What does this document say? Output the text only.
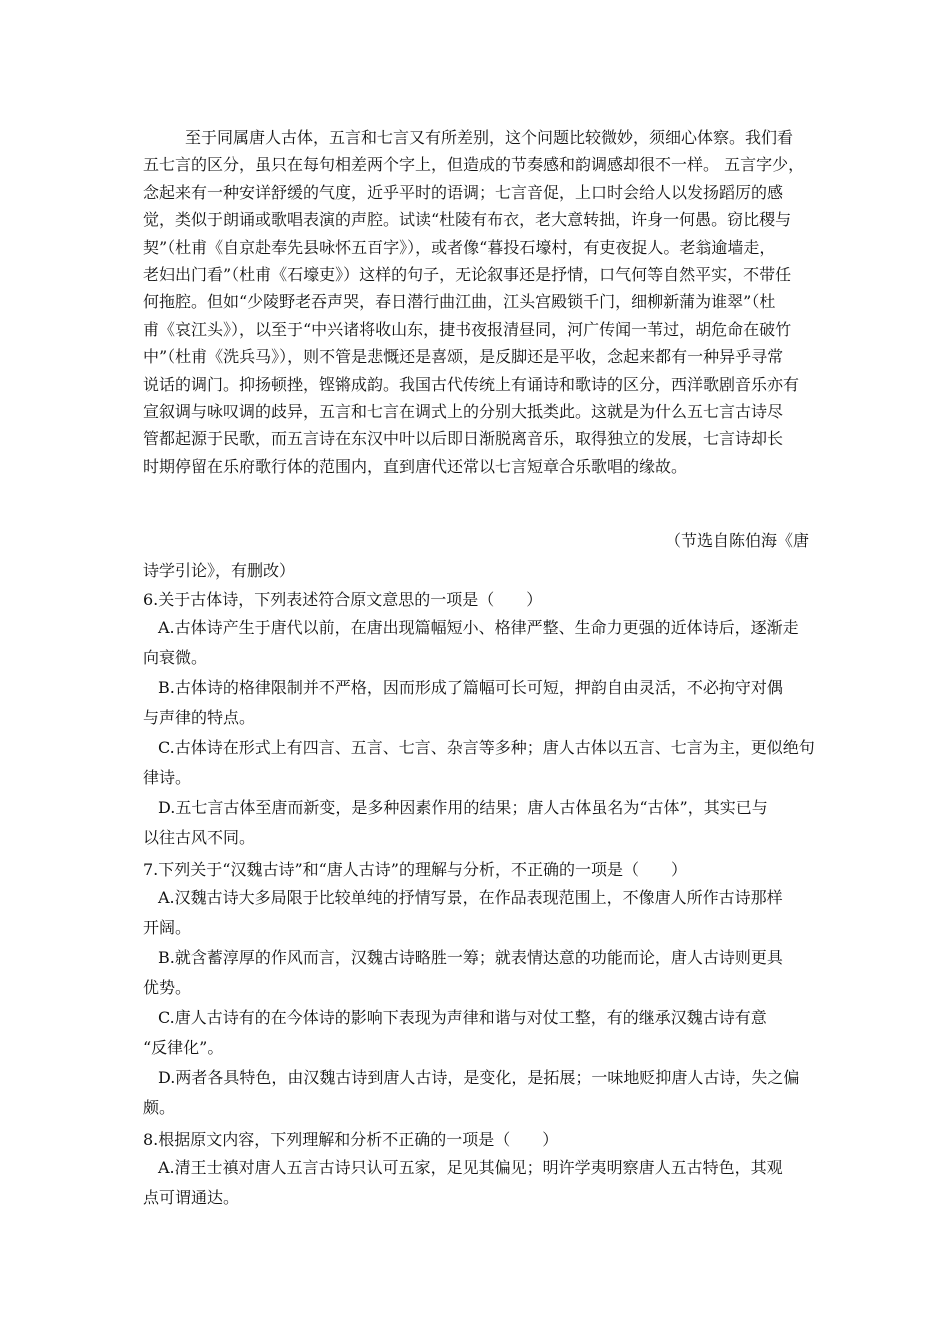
至于同属唐人古体，五言和七言又有所差别，这个问题比较微妙，须细心体察。我们看
五七言的区分，虽只在每句相差两个字上，但造成的节奏感和韵调感却很不一样。 五言字少，
念起来有一种安详舒缓的气度，近乎平时的语调；七言音促，上口时会给人以发扬蹈厉的感
觉，类似于朗诵或歌唱表演的声腔。试读“杜陵有布衣，老大意转拙，许身一何愚。窃比稷与
契”（杜甫《自京赴奉先县咏怀五百字》），或者像“暮投石壕村，有吏夜捉人。老翁逾墙走，
老妇出门看”（杜甫《石壕吏》）这样的句子，无论叙事还是抒情，口气何等自然平实，不带任
何拖腔。但如“少陵野老吞声哭，春日潜行曲江曲，江头宫殿锁千门，细柳新蒲为谁翠”（杜
甫《哀江头》），以至于“中兴诸将收山东，捷书夜报清昼同，河广传闻一苇过，胡危命在破竹
中”（杜甫《洗兵马》），则不管是悲慨还是喜颂，是反脚还是平收，念起来都有一种异乎寻常
说话的调门。抑扬顿挫，铿锵成韵。我国古代传统上有诵诗和歌诗的区分，西洋歌剧音乐亦有
宣叙调与咏叹调的歧异，五言和七言在调式上的分别大抵类此。这就是为什么五七言古诗尽
管都起源于民歌，而五言诗在东汉中叶以后即日渐脱离音乐，取得独立的发展，七言诗却长
时期停留在乐府歌行体的范围内，直到唐代还常以七言短章合乐歌唱的缘故。
（节选自陈伯海《唐
诗学引论》，有删改）
6.关于古体诗，下列表述符合原文意思的一项是（　　）
A.古体诗产生于唐代以前，在唐出现篇幅短小、格律严整、生命力更强的近体诗后，逐渐走
向衰微。
B.古体诗的格律限制并不严格，因而形成了篇幅可长可短，押韵自由灵活，不必拘守对偶
与声律的特点。
C.古体诗在形式上有四言、五言、七言、杂言等多种；唐人古体以五言、七言为主，更似绝句
律诗。
D.五七言古体至唐而新变，是多种因素作用的结果；唐人古体虽名为“古体”，其实已与
以往古风不同。
7.下列关于“汉魏古诗”和“唐人古诗”的理解与分析，不正确的一项是（　　）
A.汉魏古诗大多局限于比较单纯的抒情写景，在作品表现范围上，不像唐人所作古诗那样
开阔。
B.就含蓄淳厚的作风而言，汉魏古诗略胜一筹；就表情达意的功能而论，唐人古诗则更具
优势。
C.唐人古诗有的在今体诗的影响下表现为声律和谐与对仗工整，有的继承汉魏古诗有意
“反律化”。
D.两者各具特色，由汉魏古诗到唐人古诗，是变化，是拓展；一味地贬抑唐人古诗，失之偏
颇。
8.根据原文内容，下列理解和分析不正确的一项是（　　）
A.清王士禛对唐人五言古诗只认可五家，足见其偏见；明许学夷明察唐人五古特色，其观
点可谓通达。
